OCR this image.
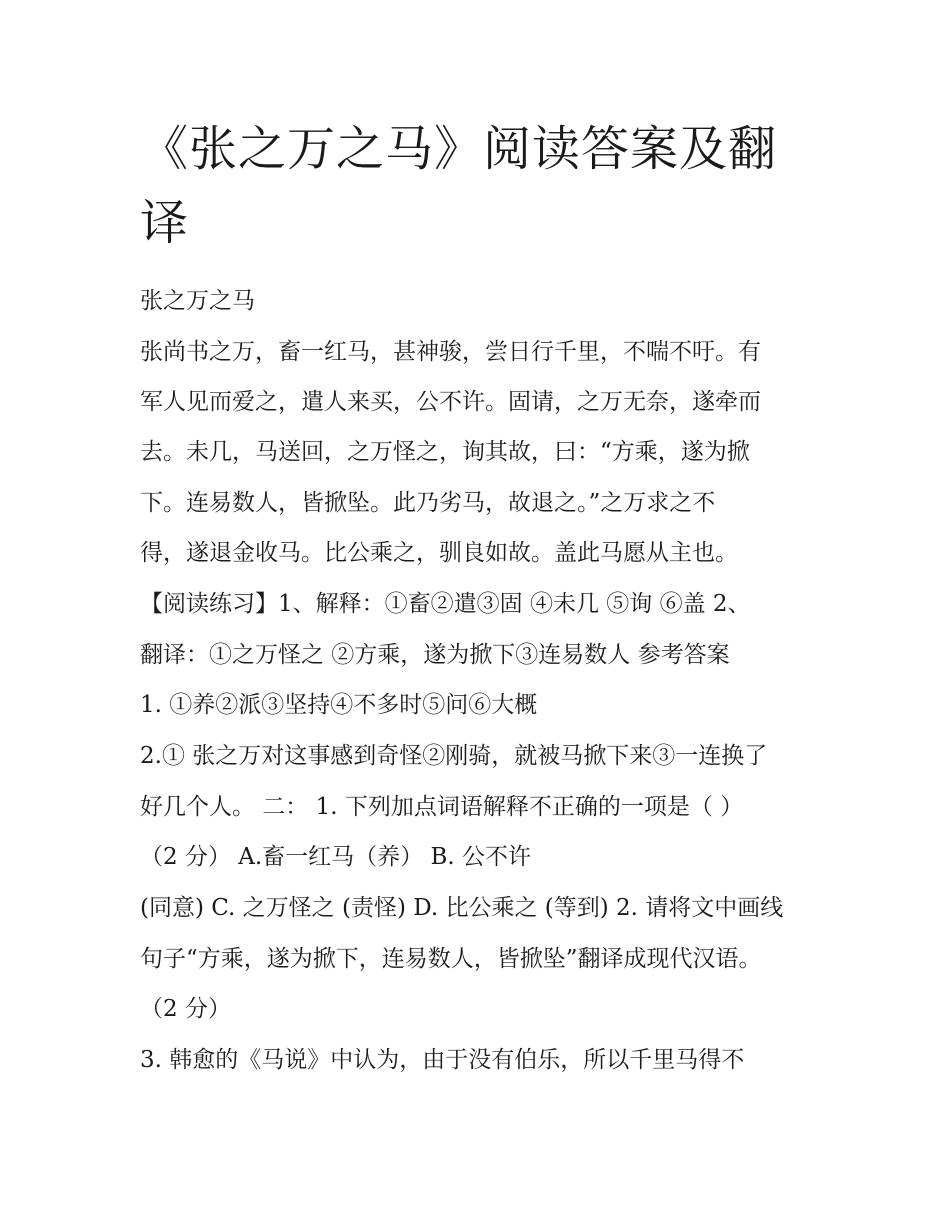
《张之万之马》阅读答案及翻译

张之万之马

张尚书之万，畜一红马，甚神骏，尝日行千里，不喘不吁。有

军人见而爱之，遣人来买，公不许。固请，之万无奈，遂牵而

去。未几，马送回，之万怪之，询其故，曰：“方乘，遂为掀

下。连易数人，皆掀坠。此乃劣马，故退之。”之万求之不

得，遂退金收马。比公乘之，驯良如故。盖此马愿从主也。

【阅读练习】1、解释：①畜②遣③固 ④未几 ⑤询 ⑥盖 2、

翻译：①之万怪之 ②方乘，遂为掀下③连易数人 参考答案

1. ①养②派③坚持④不多时⑤问⑥大概

2.① 张之万对这事感到奇怪②刚骑，就被马掀下来③一连换了

好几个人。 二： 1. 下列加点词语解释不正确的一项是（ ）

（2 分） A.畜一红马（养） B. 公不许

(同意) C. 之万怪之 (责怪) D. 比公乘之 (等到) 2. 请将文中画线

句子“方乘，遂为掀下，连易数人，皆掀坠”翻译成现代汉语。

（2 分）

3. 韩愈的《马说》中认为，由于没有伯乐，所以千里马得不
